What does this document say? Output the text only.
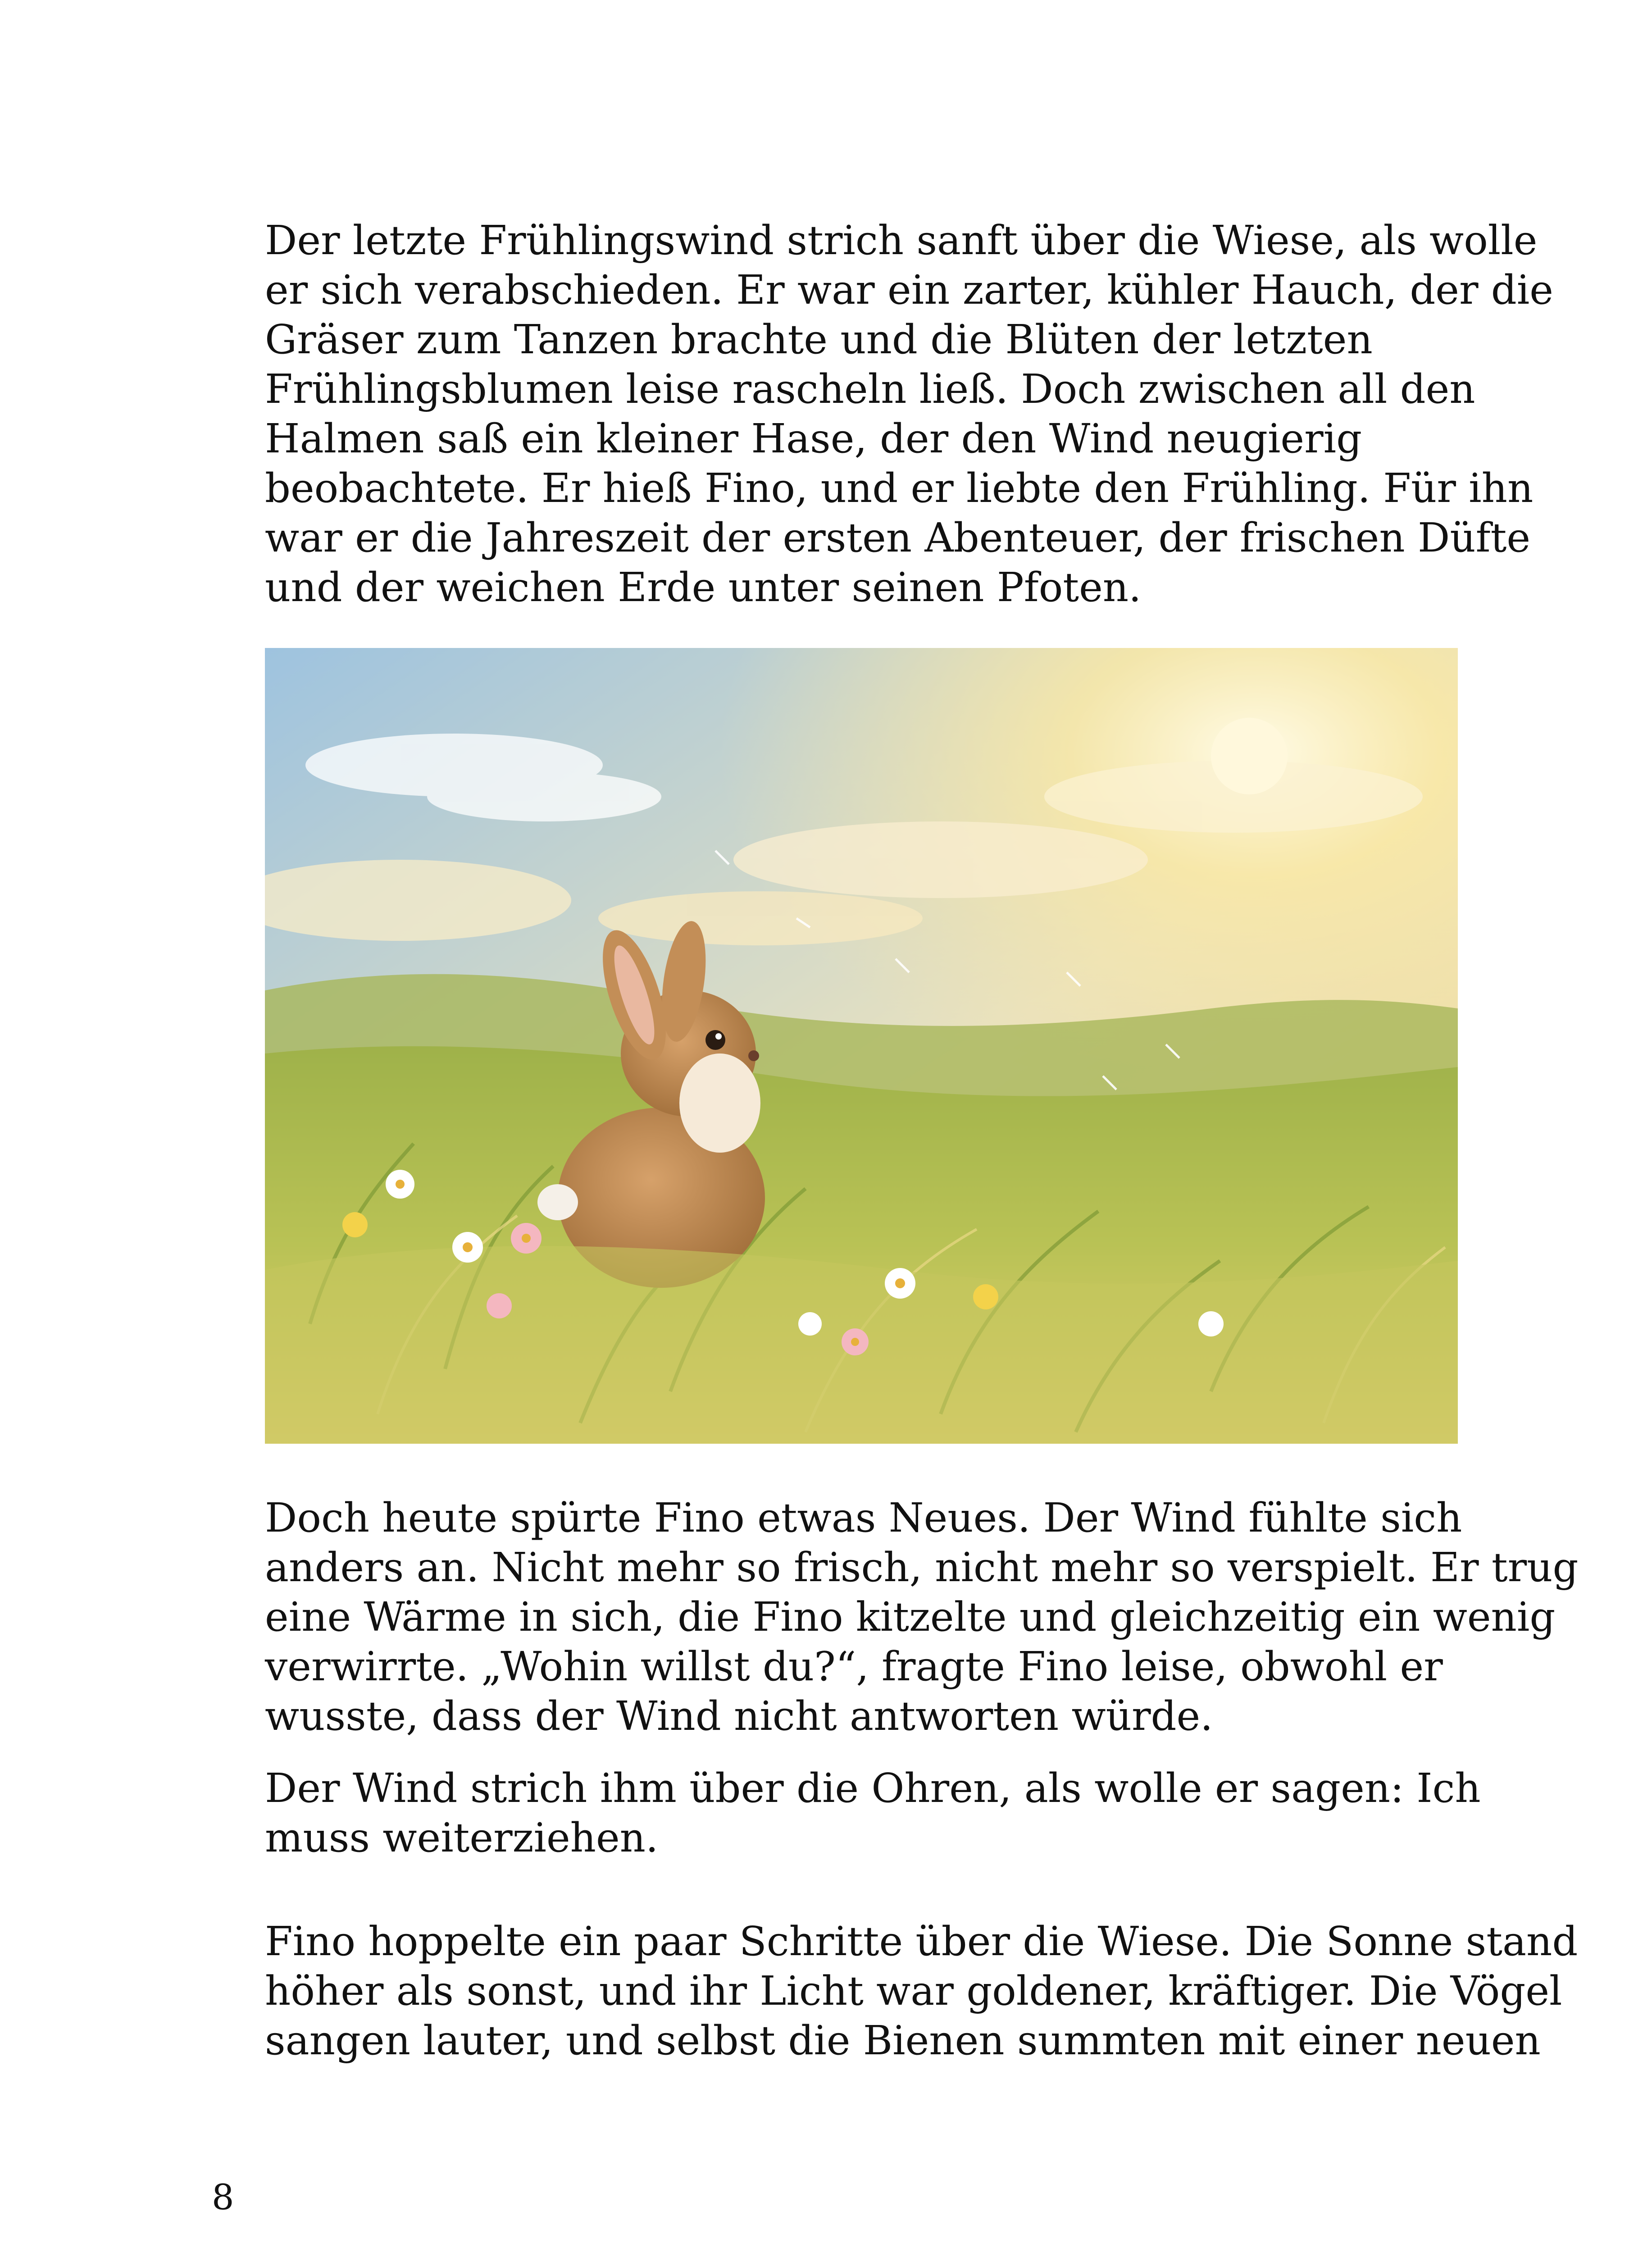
Der letzte Frühlingswind strich sanft über die Wiese, als wolle
er sich verabschieden. Er war ein zarter, kühler Hauch, der die
Gräser zum Tanzen brachte und die Blüten der letzten
Frühlingsblumen leise rascheln ließ. Doch zwischen all den
Halmen saß ein kleiner Hase, der den Wind neugierig
beobachtete. Er hieß Fino, und er liebte den Frühling. Für ihn
war er die Jahreszeit der ersten Abenteuer, der frischen Düfte
und der weichen Erde unter seinen Pfoten.

Doch heute spürte Fino etwas Neues. Der Wind fühlte sich
anders an. Nicht mehr so frisch, nicht mehr so verspielt. Er trug
eine Wärme in sich, die Fino kitzelte und gleichzeitig ein wenig
verwirrte. „Wohin willst du?“, fragte Fino leise, obwohl er
wusste, dass der Wind nicht antworten würde.

Der Wind strich ihm über die Ohren, als wolle er sagen: Ich
muss weiterziehen.

Fino hoppelte ein paar Schritte über die Wiese. Die Sonne stand
höher als sonst, und ihr Licht war goldener, kräftiger. Die Vögel
sangen lauter, und selbst die Bienen summten mit einer neuen

8
